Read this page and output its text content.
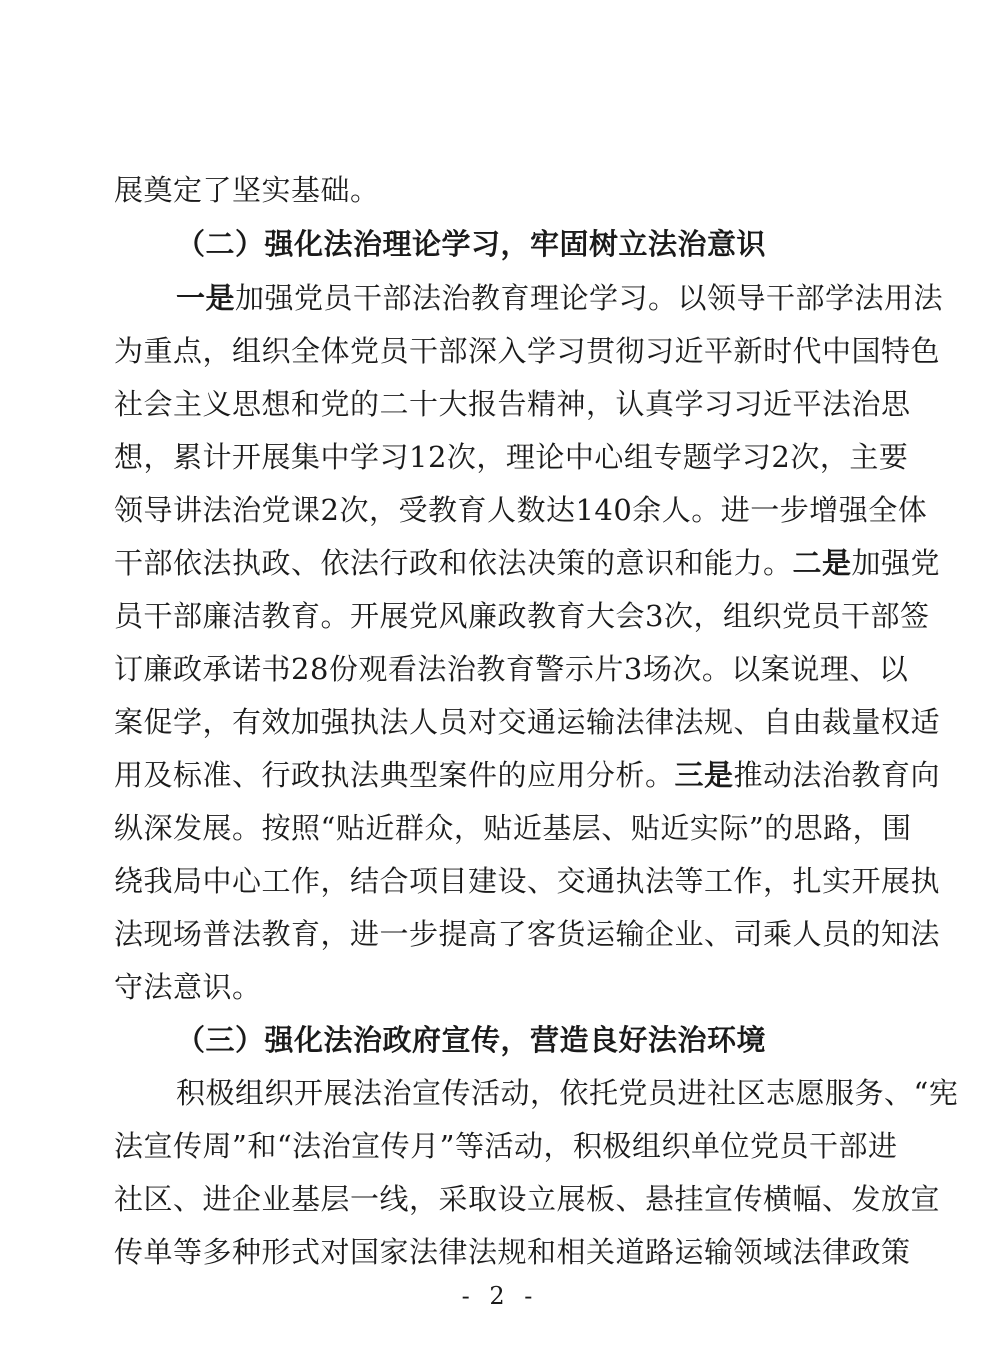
展奠定了坚实基础。
（二）强化法治理论学习，牢固树立法治意识
一是加强党员干部法治教育理论学习。以领导干部学法用法
为重点，组织全体党员干部深入学习贯彻习近平新时代中国特色
社会主义思想和党的二十大报告精神，认真学习习近平法治思
想，累计开展集中学习12次，理论中心组专题学习2次，主要
领导讲法治党课2次，受教育人数达140余人。进一步增强全体
干部依法执政、依法行政和依法决策的意识和能力。二是加强党
员干部廉洁教育。开展党风廉政教育大会3次，组织党员干部签
订廉政承诺书28份观看法治教育警示片3场次。以案说理、以
案促学，有效加强执法人员对交通运输法律法规、自由裁量权适
用及标准、行政执法典型案件的应用分析。三是推动法治教育向
纵深发展。按照“贴近群众，贴近基层、贴近实际”的思路，围
绕我局中心工作，结合项目建设、交通执法等工作，扎实开展执
法现场普法教育，进一步提高了客货运输企业、司乘人员的知法
守法意识。
（三）强化法治政府宣传，营造良好法治环境
积极组织开展法治宣传活动，依托党员进社区志愿服务、“宪
法宣传周”和“法治宣传月”等活动，积极组织单位党员干部进
社区、进企业基层一线，采取设立展板、悬挂宣传横幅、发放宣
传单等多种形式对国家法律法规和相关道路运输领域法律政策
- 2 -
